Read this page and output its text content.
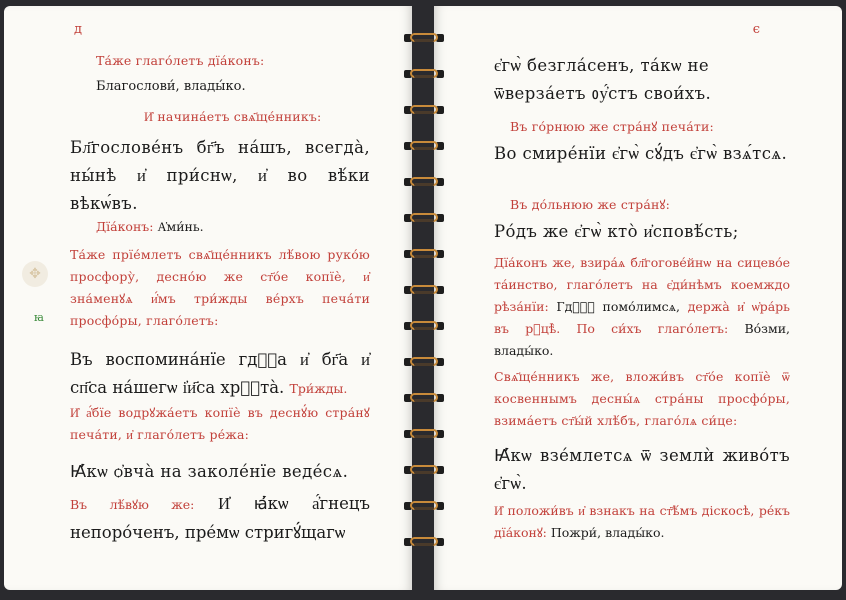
✥
ꙗ
д

Та́же глаго́летъ дїа́конъ:

Благослови́, влады́ко.

И҆ начина́етъ свѧ҃ще́нникъ:

Бл҃гослове́нъ бг҃ъ на́шъ, всегда̀, ны́нѣ и҆ при́снѡ, и҆ во вѣ́ки вѣкѡ́въ.

Дїа́конъ: А҆ми́нь.

Та́же прїе́млетъ свѧ҃ще́нникъ лѣ́вою руко́ю просфору̀, десно́ю же ст҃о́е копїѐ, и҆ зна́менꙋѧ и҆́мъ три́жды ве́рхъ печа́ти просфо́ры, глаго́летъ:

Въ воспомина́нїе гдⷭ҇а и҆ бг҃а и҆ сп҃са на́шегѡ і҆и҃са хрⷭ҇та̀. Три́жды.

И҆ а҆́бїе водрꙋжа́етъ копїѐ въ деснꙋ́ю стра́нꙋ печа́ти, и҆ глаго́летъ ре́жа:

Ꙗ҆́кѡ ѻ҆вча̀ на заколе́нїе веде́сѧ.

Въ лѣ́вꙋю же: И҆ ꙗ҆́кѡ а҆́гнецъ непоро́ченъ, пре́мѡ стригꙋ́щагѡ

є

є҆гѡ̀ безгла́сенъ, та́кѡ не ѿверза́етъ ᲂу҆́стъ свои́хъ.

Въ го́рнюю же стра́нꙋ печа́ти:

Во смире́нїи є҆гѡ̀ сꙋ́дъ є҆гѡ̀ взѧ́тсѧ.

Въ до́льнюю же стра́нꙋ:

Ро́дъ же є҆гѡ̀ кто̀ и҆сповѣ́сть;

Дїа́конъ же, взира́ѧ бл҃гогове́йнѡ на сицево́е та́инство, глаго́летъ на є҆ди́нѣмъ коемждо рѣза́нїи: Гдⷭ҇ꙋ помо́лимсѧ, держа̀ и҆ ѡ҆ра́рь въ рꙋцѣ̀. По си́хъ глаго́летъ: Во́зми, влады́ко.

Свѧ҃ще́нникъ же, вложи́въ ст҃о́е копїѐ ѿ косвеннымъ десны́ѧ стра́ны просфо́ры, взима́етъ ст҃ы́й хлѣ́бъ, глаго́лѧ си́це:

Ꙗ҆́кѡ взе́млетсѧ ѿ землѝ живо́тъ є҆гѡ̀.

И҆ положи́въ и҆ взнакъ на ст҃ѣ́мъ діскосѣ, ре́къ дїа́конꙋ: Пожри́, влады́ко.
